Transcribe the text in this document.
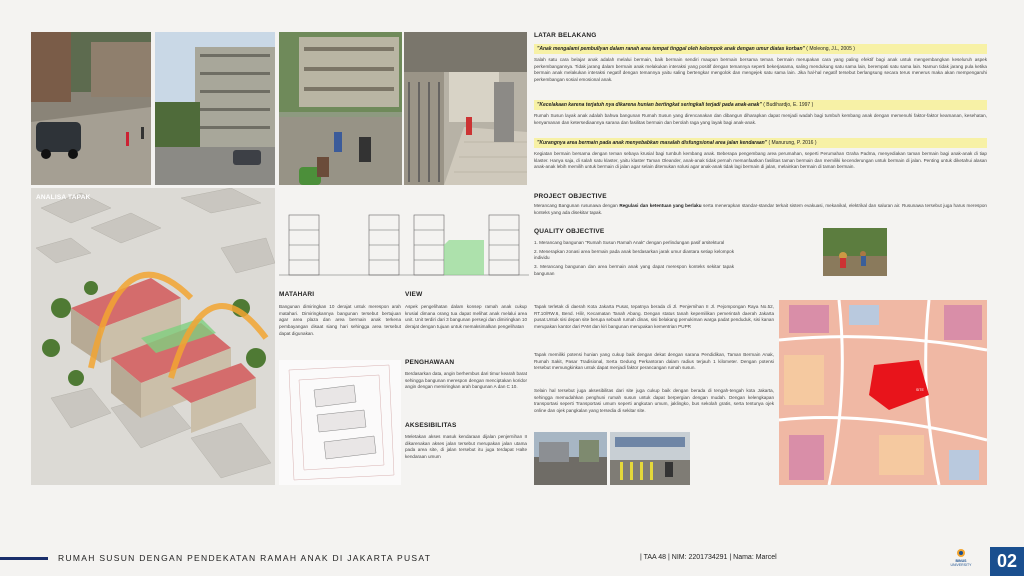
LATAR BELAKANG
"Anak mengalami pembullyan dalam ranah area tempat tinggal oleh kelompok anak dengan umur diatas korban" ( Moleong, J.L, 2005 )
Salah satu cara belajar anak adalah melalui bermain, baik bermain sendiri maupun bermain bersama teman. bermain merupakan cara yang paling efektif bagi anak untuk mengembangkan keseluruh aspek perkembangannya. Tidak jarang dalam bermain anak melakukan interaksi yang positif dengan temannya seperti bekerjasama, saling mendukung satu sama lain, berempati satu sama lain. Namun tidak jarang pula ketika bermain anak melakukan interaksi negatif dengan temannya yaitu saling bertengkar mengolok dan mengejek satu sama lain. Jika hal-hal negatif tersebut berlangsung secara terus menerus maka akan mempengaruhi perkembangan sosial emosional anak.
"Kecelakaan karena terjatuh nya dikarena hunian bertingkat seringkali terjadi pada anak-anak" ( Budihardjo, E. 1997 )
Rumah Susun layak anak adalah bahwa bangunan Rumah Susun yang direncanakan dan dibangun diharapkan dapat menjadi wadah bagi tumbuh kembang anak dengan memenuhi faktor-faktor keamanan, kesehatan, kenyamanan dan ketersediaannya sarana dan fasilitas bermain dan berolah raga yang layak bagi anak-anak.
"Kurangnya area bermain pada anak menyebabkan masalah disfungsional area jalan kendaraan" ( Manurung, P. 2016 )
Kegiatan bermain bersama dengan teman sebaya krusial bagi tumbuh kembang anak. Beberapa pengembang area perumahan, seperti Perumahan Graha Padma, menyediakan taman bermain bagi anak-anak di tiap klaster. Hanya saja, di salah satu klaster, yaitu klaster Taman Oleander, anak-anak tidak pernah memanfaatkan fasilitas taman bermain dan memiliki kecenderungan untuk bermain di jalan. Penting untuk diketahui alasan anak-anak lebih memilih untuk bermain di jalan agar selain ditemukan solusi agar anak-anak tidak lagi bermain di jalan, melainkan bermain di taman bermain.
PROJECT OBJECTIVE
Merancang Bangunan rusunawa dengan Regulasi dan ketentuan yang berlaku serta menerapkan standar-standar terkait sistem evakuasi, mekanikal, elektrikal dan saluran air. Rusunawa tersebut juga harus merespon konteks yang ada disekitar tapak.
QUALITY OBJECTIVE
1. Merancang bangunan "Rumah Susun Ramah Anak" dengan perlindungan pasif arsitektural
2. Menerapkan zonasi area bermain pada anak berdasarkan jarak umur diantara setiap kelompok individu
3. Merancang bangunan dan area bermain anak yang dapat merespon konteks sekitar tapak bangunan
ANALISA TAPAK
MATAHARI
Bangunan dimiringkan 10 derajat untuk merespon arah matahari. Dimiringkannya bangunan tersebut bertujuan agar area plaza dan area bermain anak terkena pembayangan disaat siang hari sehingga area tersebut dapat digunakan.
VIEW
Aspek pengelihatan dalam konsep ramah anak cukup krusial dimana orang tua dapat melihat anak melalui area unit. Unit terdiri dari 3 bangunan persegi dan dimiringkan 10 derajat dengan tujuan untuk memaksimalkan pengelihatan
PENGHAWAAN
Berdasarkan data, angin berhembus dari timur kearah barat sehingga bangunan merespon dengan menciptakan koridor angin dengan memiringkan arah bangunan A dan C 10.
AKSESIBILITAS
Meletakan akses masuk kendaraan dijalan penjernihan II dikarenakan akses jalan tersebut merupakan jalan utama pada area site, di jalan tersebut itu juga terdapat Halte kendaraan umum
Tapak terletak di daerah Kota Jakarta Pusat, tepatnya berada di Jl. Penjernihan II Jl. Pejompongan Raya No.52, RT.10/RW.6, Bend. Hilir, Kecamatan Tanah Abang. Dengan status tanah kepemilikan pemerintah daerah Jakarta pusat.Untuk sisi depan site berupa sebuah rumah dinas, sisi belakang pemukiman warga padat penduduk, sisi kanan merupakan kantor dari PAM dan kiri bangunan merupakan kementrian PUPR
Tapak memiliki potensi hunian yang cukup baik dengan dekat dengan sarana Pendidikan, Taman Bermain Anak, Rumah Sakit, Pasar Tradisional, Serta Gedung Perkantoran dalam radius terjauh 1 kilometer. Dengan potensi tersebut memungkinkan untuk dapat menjadi faktor perancangan rumah susun.
Selain hal tersebut juga aksesibilitas dari site juga cukup baik dengan berada di tengah-tengah kota Jakarta, sehingga memudahkan penghuni rumah susun untuk dapat berpergian dengan mudah. Dengan kelengkapan transportasi seperti Transportasi umum seperti angkutan umum, jaklingko, bus sekolah gratis, serta tentunya ojek online dan ojek pangkalan yang tersedia di sekitar site.
SITE
RUMAH SUSUN DENGAN PENDEKATAN RAMAH ANAK DI JAKARTA PUSAT	| TAA 48 | NIM: 2201734291 | Nama: Marcel	BINUS
UNIVERSITY	02
